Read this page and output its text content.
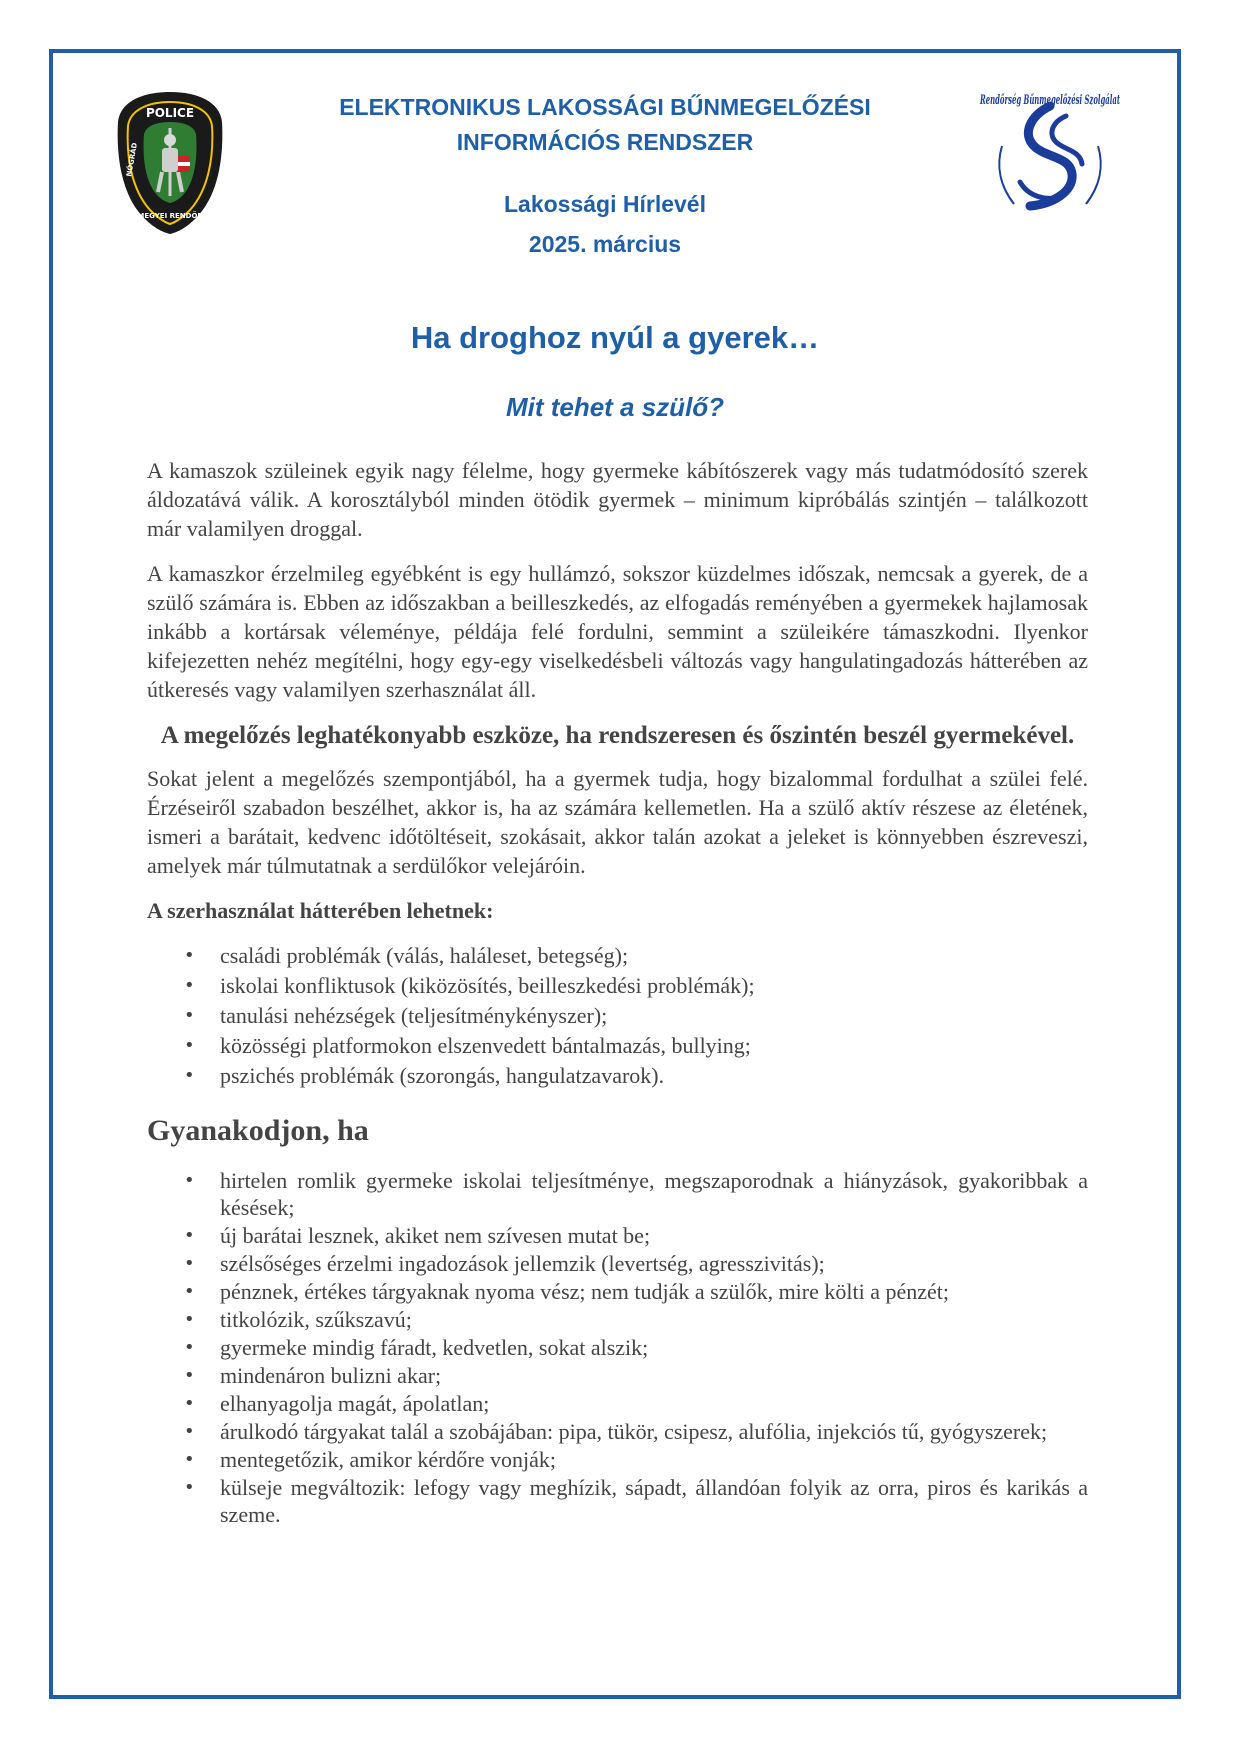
POLICE
NÓGRÁD
VÁRMEGYEI RENDŐRSÉG
Rendőrség Bűnmegelőzési Szolgálat

ELEKTRONIKUS LAKOSSÁGI BŰNMEGELŐZÉSI

INFORMÁCIÓS RENDSZER

Lakossági Hírlevél

2025. március

Ha droghoz nyúl a gyerek…
Mit tehet a szülő?

A kamaszok szüleinek egyik nagy félelme, hogy gyermeke kábítószerek vagy más tudatmódosító szerek áldozatává válik. A korosztályból minden ötödik gyermek – minimum kipróbálás szintjén – találkozott már valamilyen droggal.

A kamaszkor érzelmileg egyébként is egy hullámzó, sokszor küzdelmes időszak, nemcsak a gyerek, de a szülő számára is. Ebben az időszakban a beilleszkedés, az elfogadás reményében a gyermekek hajlamosak inkább a kortársak véleménye, példája felé fordulni, semmint a szüleikére támaszkodni. Ilyenkor kifejezetten nehéz megítélni, hogy egy-egy viselkedésbeli változás vagy hangulatingadozás hátterében az útkeresés vagy valamilyen szerhasználat áll.

A megelőzés leghatékonyabb eszköze, ha rendszeresen és őszintén beszél gyermekével.

Sokat jelent a megelőzés szempontjából, ha a gyermek tudja, hogy bizalommal fordulhat a szülei felé. Érzéseiről szabadon beszélhet, akkor is, ha az számára kellemetlen. Ha a szülő aktív részese az életének, ismeri a barátait, kedvenc időtöltéseit, szokásait, akkor talán azokat a jeleket is könnyebben észreveszi, amelyek már túlmutatnak a serdülőkor velejáróin.

A szerhasználat hátterében lehetnek:
• családi problémák (válás, haláleset, betegség);
• iskolai konfliktusok (kiközösítés, beilleszkedési problémák);
• tanulási nehézségek (teljesítménykényszer);
• közösségi platformokon elszenvedett bántalmazás, bullying;
• pszichés problémák (szorongás, hangulatzavarok).
Gyanakodjon, ha
• hirtelen romlik gyermeke iskolai teljesítménye, megszaporodnak a hiányzások, gyakoribbak a késések;
• új barátai lesznek, akiket nem szívesen mutat be;
• szélsőséges érzelmi ingadozások jellemzik (levertség, agresszivitás);
• pénznek, értékes tárgyaknak nyoma vész; nem tudják a szülők, mire költi a pénzét;
• titkolózik, szűkszavú;
• gyermeke mindig fáradt, kedvetlen, sokat alszik;
• mindenáron bulizni akar;
• elhanyagolja magát, ápolatlan;
• árulkodó tárgyakat talál a szobájában: pipa, tükör, csipesz, alufólia, injekciós tű, gyógyszerek;
• mentegetőzik, amikor kérdőre vonják;
• külseje megváltozik: lefogy vagy meghízik, sápadt, állandóan folyik az orra, piros és karikás a szeme.
